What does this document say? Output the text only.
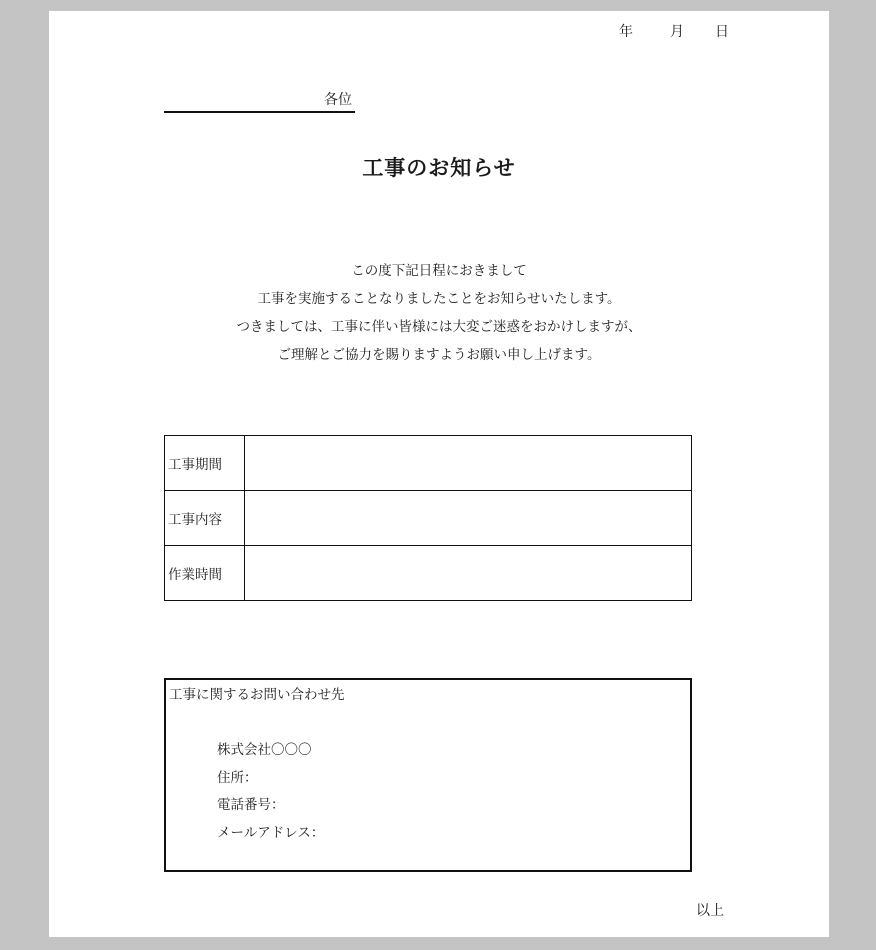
年	月 日
各位
工事のお知らせ
この度下記日程におきまして
工事を実施することなりましたことをお知らせいたします。
つきましては、工事に伴い皆様には大変ご迷惑をおかけしますが、
ご理解とご協力を賜りますようお願い申し上げます。
工事期間	
工事内容	
作業時間	
工事に関するお問い合わせ先
株式会社〇〇〇
住所：
電話番号：
メールアドレス：
以上
